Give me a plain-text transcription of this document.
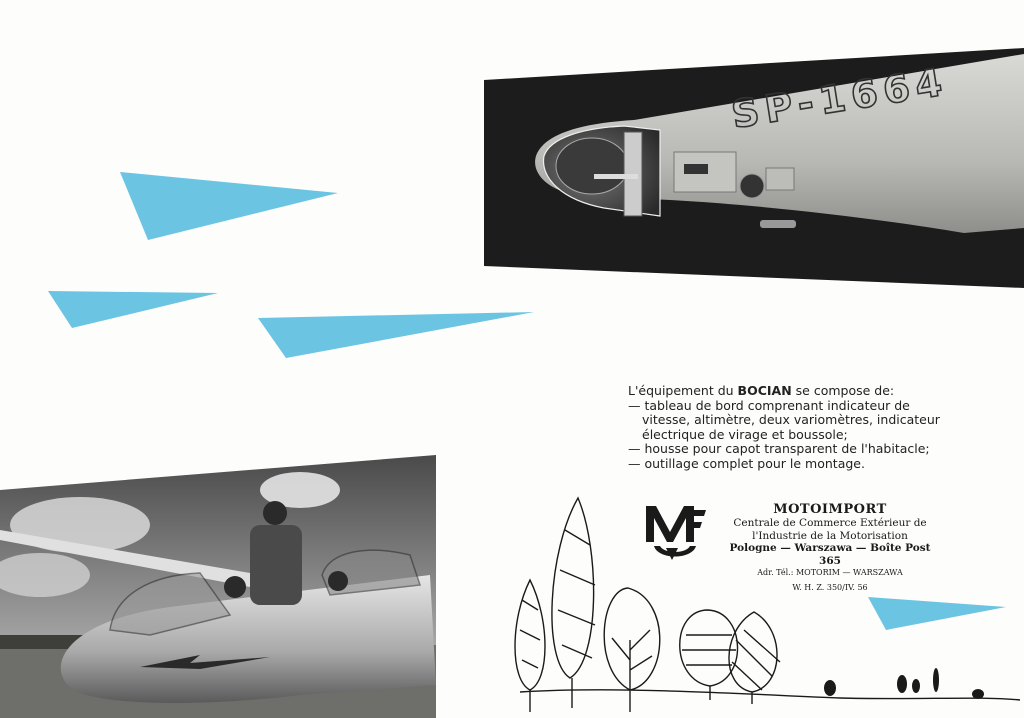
SP-1664

L'équipement du BOCIAN se compose de:

— tableau de bord comprenant indicateur de vitesse, altimètre, deux variomètres, indicateur électrique de virage et boussole;

— housse pour capot transparent de l'habitacle;

— outillage complet pour le montage.

MOTOIMPORT
Centrale de Commerce Extérieur de
l'Industrie de la Motorisation
Pologne — Warszawa — Boîte Post 365
Adr. Tél.: MOTORIM — WARSZAWA
W. H. Z. 350/IV. 56
